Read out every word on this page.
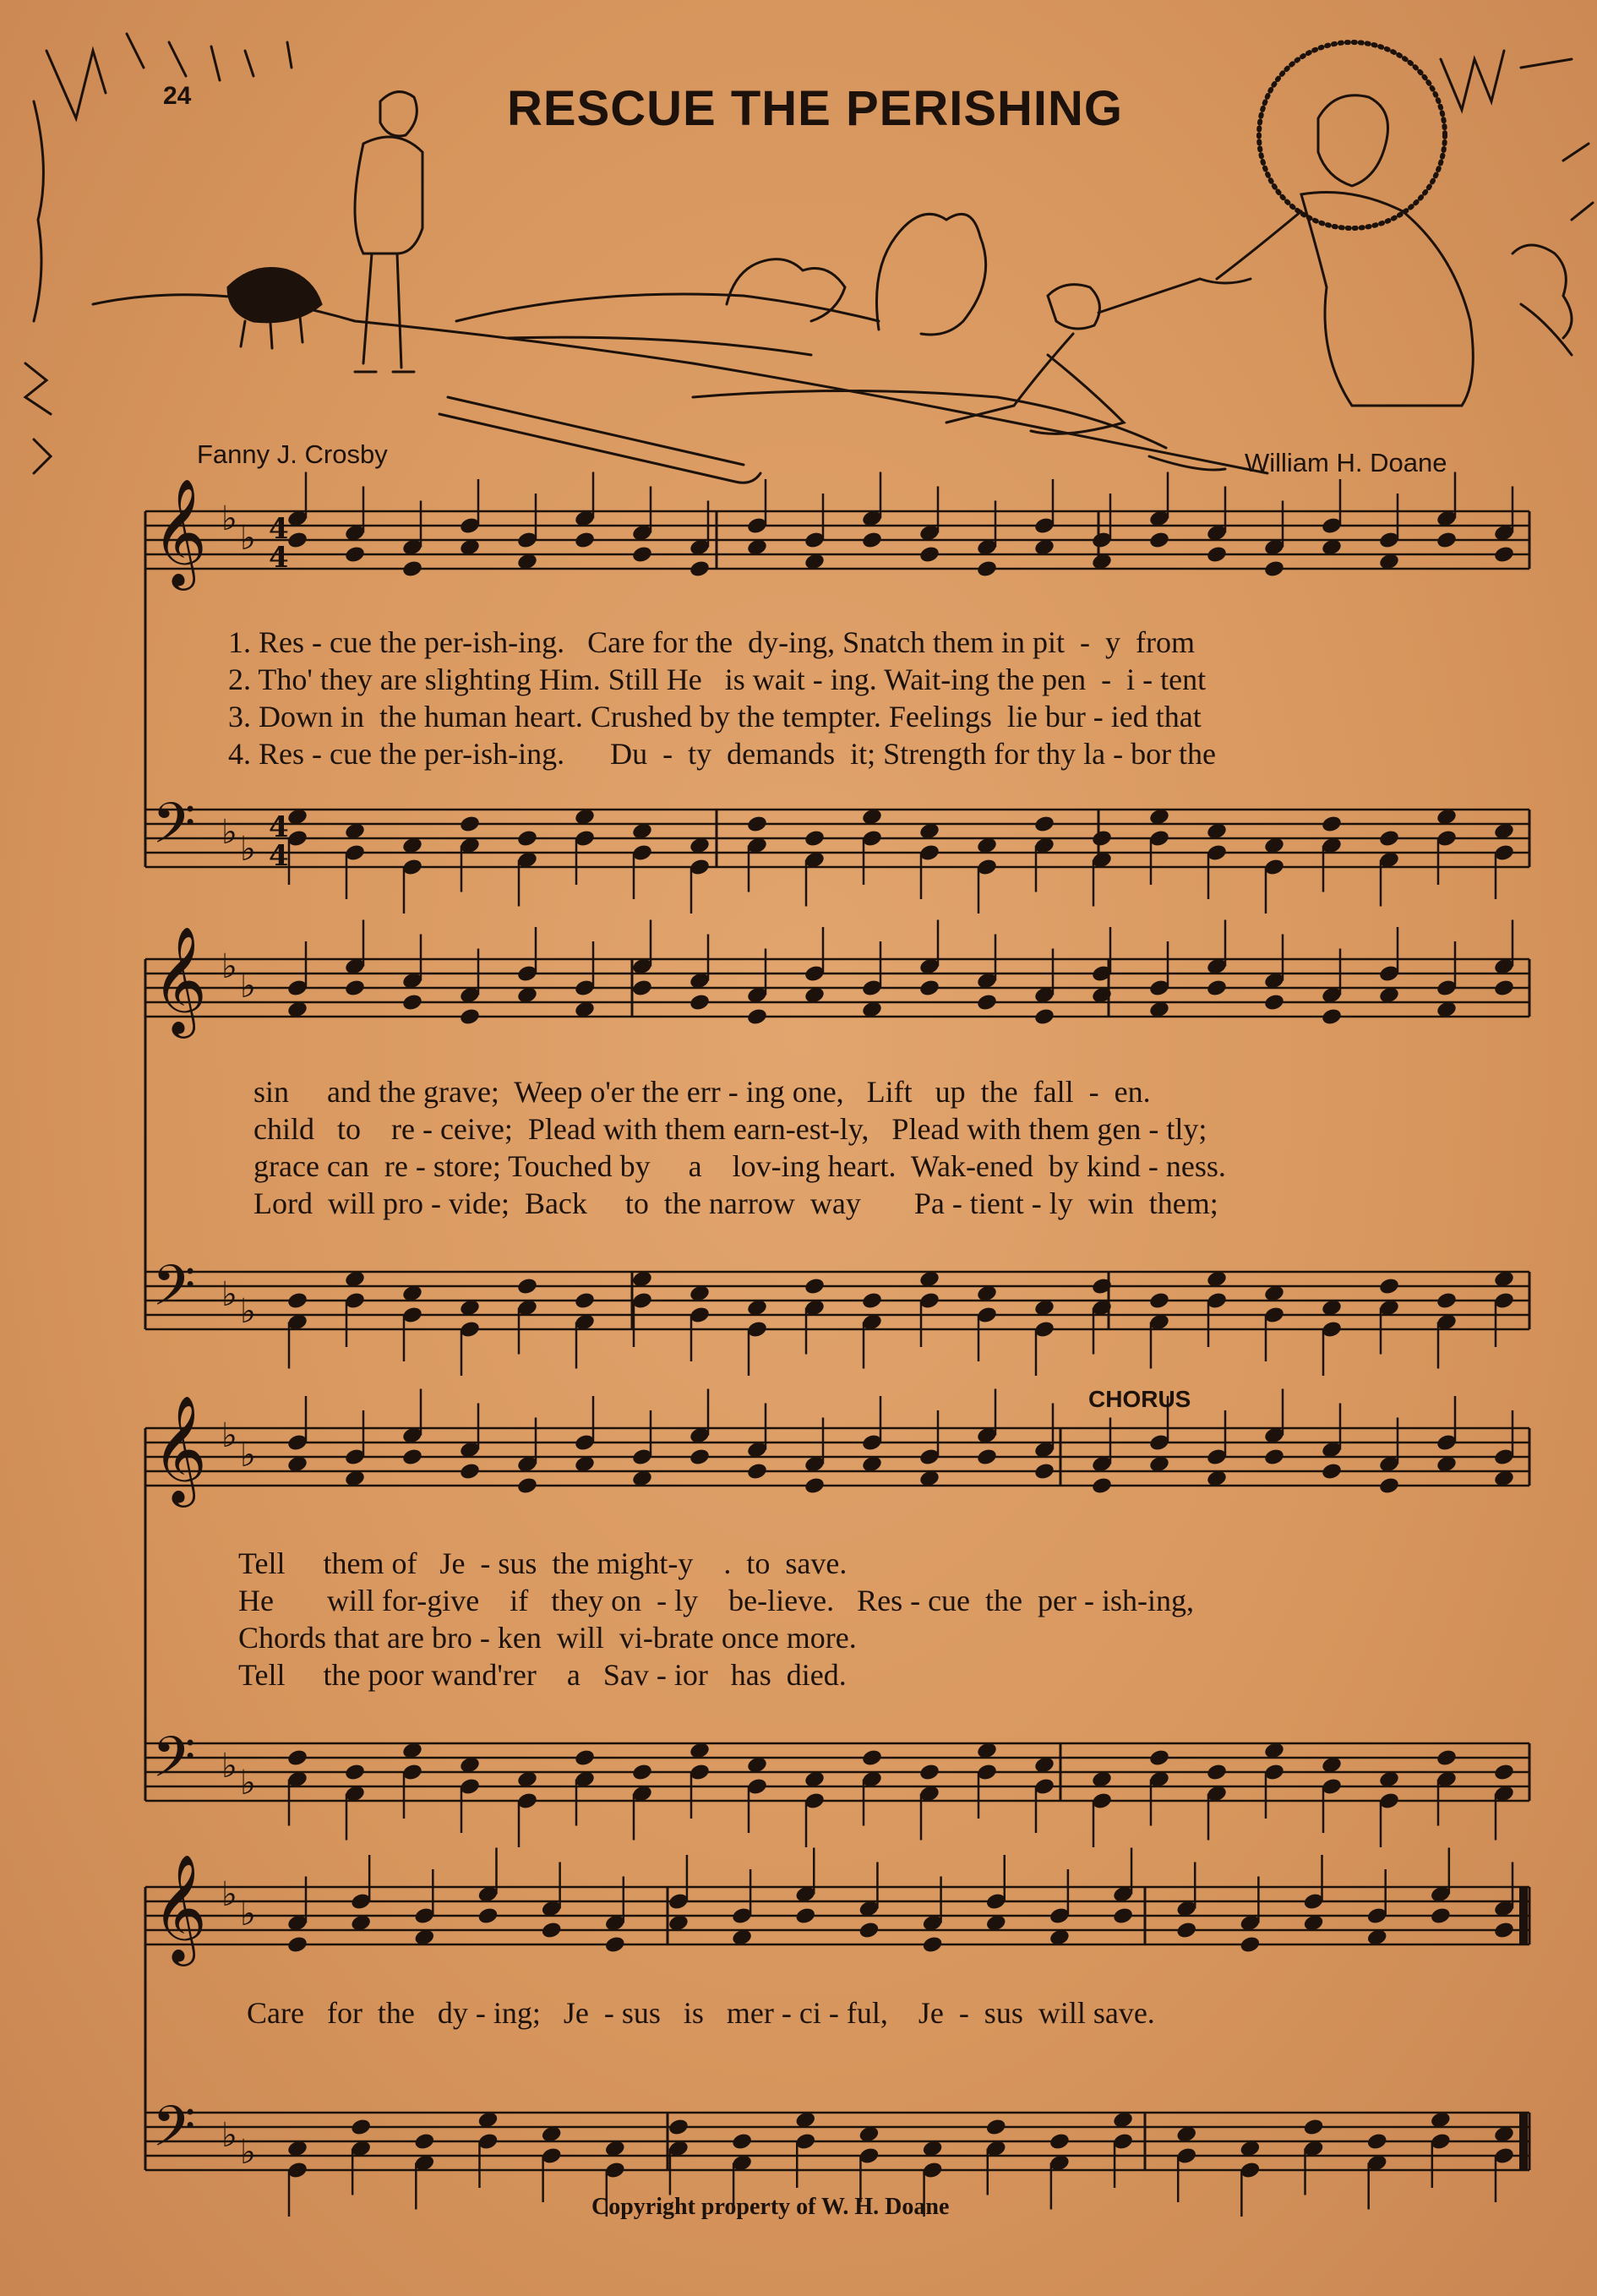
𝄞 ♭ ♭
𝄢 ♭ ♭
𝄞 ♭ ♭
𝄢 ♭ ♭
𝄞 ♭ ♭
𝄢 ♭ ♭
𝄞 ♭ ♭
𝄢 ♭ ♭
4
4
4
4
24	RESCUE THE PERISHING
Fanny J. Crosby	William H. Doane
CHORUS
Copyright property of W. H. Doane
1. Res - cue the per-ish-ing.   Care for the  dy-ing, Snatch them in pit  -  y  from
2. Tho' they are slighting Him. Still He   is wait - ing. Wait-ing the pen  -  i - tent
3. Down in  the human heart. Crushed by the tempter. Feelings  lie bur - ied that
4. Res - cue the per-ish-ing.      Du  -  ty  demands  it; Strength for thy la - bor the
sin     and the grave;  Weep o'er the err - ing one,   Lift   up  the  fall  -  en.
child   to    re - ceive;  Plead with them earn-est-ly,   Plead with them gen - tly;
grace can  re - store; Touched by     a    lov-ing heart.  Wak-ened  by kind - ness.
Lord  will pro - vide;  Back     to  the narrow  way       Pa - tient - ly  win  them;
Tell     them of   Je  - sus  the might-y    .  to  save.
He       will for-give    if   they on  - ly    be-lieve.   Res - cue  the  per - ish-ing,
Chords that are bro - ken  will  vi-brate once more.
Tell     the poor wand'rer    a   Sav - ior   has  died.
Care   for  the   dy - ing;   Je  - sus   is   mer - ci - ful,    Je  -  sus  will save.
